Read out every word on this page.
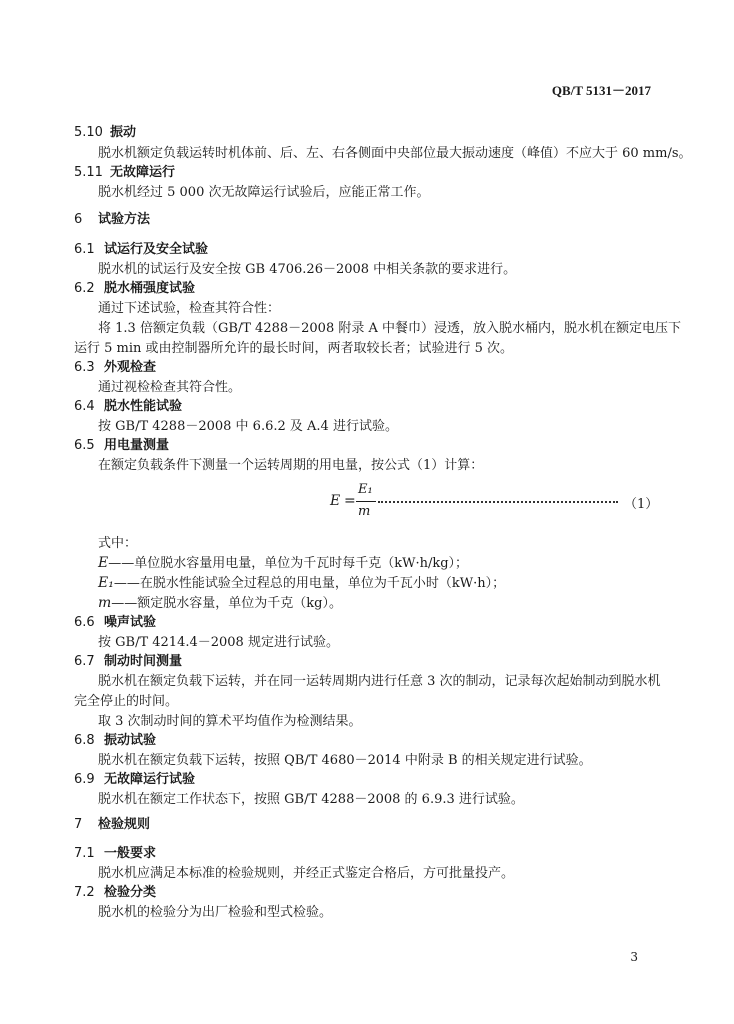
QB/T 5131－2017
5.10 振动
脱水机额定负载运转时机体前、后、左、右各侧面中央部位最大振动速度（峰值）不应大于 60 mm/s。
5.11 无故障运行
脱水机经过 5 000 次无故障运行试验后，应能正常工作。
6 试验方法
6.1 试运行及安全试验
脱水机的试运行及安全按 GB 4706.26－2008 中相关条款的要求进行。
6.2 脱水桶强度试验
通过下述试验，检查其符合性：
将 1.3 倍额定负载（GB/T 4288－2008 附录 A 中餐巾）浸透，放入脱水桶内，脱水机在额定电压下
运行 5 min 或由控制器所允许的最长时间，两者取较长者；试验进行 5 次。
6.3 外观检查
通过视检检查其符合性。
6.4 脱水性能试验
按 GB/T 4288－2008 中 6.6.2 及 A.4 进行试验。
6.5 用电量测量
在额定负载条件下测量一个运转周期的用电量，按公式（1）计算：
E =
E₁
m	（1）
式中：
E——单位脱水容量用电量，单位为千瓦时每千克（kW·h/kg）；
E₁——在脱水性能试验全过程总的用电量，单位为千瓦小时（kW·h）；
m——额定脱水容量，单位为千克（kg）。
6.6 噪声试验
按 GB/T 4214.4－2008 规定进行试验。
6.7 制动时间测量
脱水机在额定负载下运转，并在同一运转周期内进行任意 3 次的制动，记录每次起始制动到脱水机
完全停止的时间。
取 3 次制动时间的算术平均值作为检测结果。
6.8 振动试验
脱水机在额定负载下运转，按照 QB/T 4680－2014 中附录 B 的相关规定进行试验。
6.9 无故障运行试验
脱水机在额定工作状态下，按照 GB/T 4288－2008 的 6.9.3 进行试验。
7 检验规则
7.1 一般要求
脱水机应满足本标准的检验规则，并经正式鉴定合格后，方可批量投产。
7.2 检验分类
脱水机的检验分为出厂检验和型式检验。
3
